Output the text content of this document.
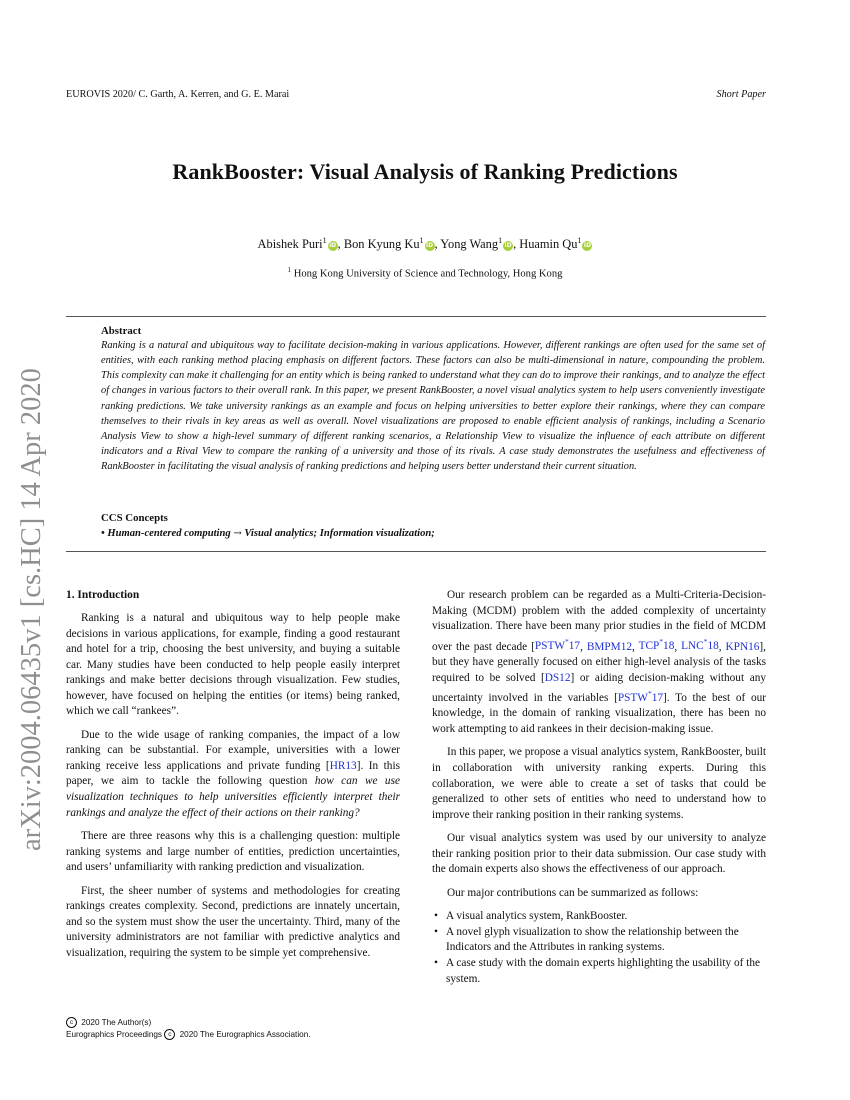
EUROVIS 2020/ C. Garth, A. Kerren, and G. E. Marai	Short Paper
RankBooster: Visual Analysis of Ranking Predictions
Abishek Puri$^1$iD, Bon Kyung Ku$^1$iD, Yong Wang$^1$iD, Huamin Qu$^1$iD
$^1$ Hong Kong University of Science and Technology, Hong Kong
arXiv:2004.06435v1 [cs.HC] 14 Apr 2020
Abstract

Ranking is a natural and ubiquitous way to facilitate decision-making in various applications. However, different rankings are often used for the same set of entities, with each ranking method placing emphasis on different factors. These factors can also be multi-dimensional in nature, compounding the problem. This complexity can make it challenging for an entity which is being ranked to understand what they can do to improve their rankings, and to analyze the effect of changes in various factors to their overall rank. In this paper, we present RankBooster, a novel visual analytics system to help users conveniently investigate ranking predictions. We take university rankings as an example and focus on helping universities to better explore their rankings, where they can compare themselves to their rivals in key areas as well as overall. Novel visualizations are proposed to enable efficient analysis of rankings, including a Scenario Analysis View to show a high-level summary of different ranking scenarios, a Relationship View to visualize the influence of each attribute on different indicators and a Rival View to compare the ranking of a university and those of its rivals. A case study demonstrates the usefulness and effectiveness of RankBooster in facilitating the visual analysis of ranking predictions and helping users better understand their current situation.

CCS Concepts

• Human-centered computing → Visual analytics; Information visualization;

1. Introduction

Ranking is a natural and ubiquitous way to help people make decisions in various applications, for example, finding a good restaurant and hotel for a trip, choosing the best university, and buying a suitable car. Many studies have been conducted to help people easily interpret rankings and make better decisions through visualization. Few studies, however, have focused on helping the entities (or items) being ranked, which we call “rankees”.

Due to the wide usage of ranking companies, the impact of a low ranking can be substantial. For example, universities with a lower ranking receive less applications and private funding [HR13]. In this paper, we aim to tackle the following question how can we use visualization techniques to help universities efficiently interpret their rankings and analyze the effect of their actions on their ranking?

There are three reasons why this is a challenging question: multiple ranking systems and large number of entities, prediction uncertainties, and users’ unfamiliarity with ranking prediction and visualization.

First, the sheer number of systems and methodologies for creating rankings creates complexity. Second, predictions are innately uncertain, and so the system must show the user the uncertainty. Third, many of the university administrators are not familiar with predictive analytics and visualization, requiring the system to be simple yet comprehensive.

Our research problem can be regarded as a Multi-Criteria-Decision-Making (MCDM) problem with the added complexity of uncertainty visualization. There have been many prior studies in the field of MCDM over the past decade [PSTW*17, BMPM12, TCP*18, LNC*18, KPN16], but they have generally focused on either high-level analysis of the tasks required to be solved [DS12] or aiding decision-making without any uncertainty involved in the variables [PSTW*17]. To the best of our knowledge, in the domain of ranking visualization, there has been no work attempting to aid rankees in their decision-making issue.

In this paper, we propose a visual analytics system, RankBooster, built in collaboration with university ranking experts. During this collaboration, we were able to create a set of tasks that could be generalized to other sets of entities who need to understand how to improve their ranking position in their ranking systems.

Our visual analytics system was used by our university to analyze their ranking position prior to their data submission. Our case study with the domain experts also shows the effectiveness of our approach.

Our major contributions can be summarized as follows:

• A visual analytics system, RankBooster.
• A novel glyph visualization to show the relationship between the Indicators and the Attributes in ranking systems.
• A case study with the domain experts highlighting the usability of the system.
c 2020 The Author(s)
Eurographics Proceedings c 2020 The Eurographics Association.
